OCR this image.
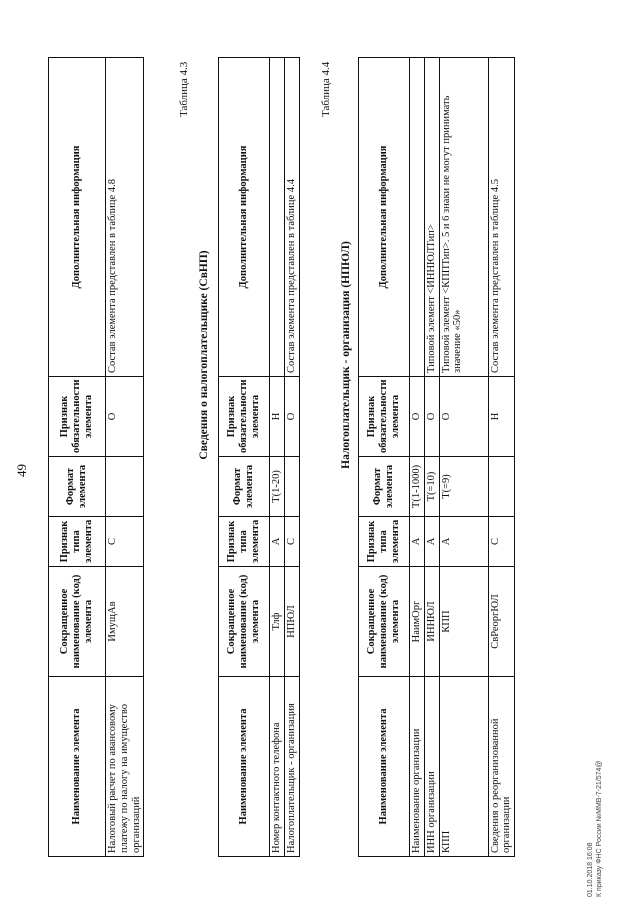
49
Наименование элемента	Сокращенное наименование (код) элемента	Признак типа элемента	Формат элемента	Признак обязательности элемента	Дополнительная информация
Налоговый расчет по авансовому платежу по налогу на имущество организаций	ИмущАв	С		О	Состав элемента представлен в таблице 4.8
Таблица 4.3
Сведения о налогоплательщике (СвНП)
Наименование элемента	Сокращенное наименование (код) элемента	Признак типа элемента	Формат элемента	Признак обязательности элемента	Дополнительная информация
Номер контактного телефона	Тлф	А	T(1-20)	Н	
Налогоплательщик - организация	НПЮЛ	С		О	Состав элемента представлен в таблице 4.4
Таблица 4.4
Налогоплательщик - организация (НПЮЛ)
Наименование элемента	Сокращенное наименование (код) элемента	Признак типа элемента	Формат элемента	Признак обязательности элемента	Дополнительная информация
Наименование организации	НаимОрг	А	T(1-1000)	О	
ИНН организации	ИННЮЛ	А	T(=10)	О	Типовой элемент <ИННЮЛТип>
КПП	КПП	А	T(=9)	О	Типовой элемент <КППТип>. 5 и 6 знаки не могут принимать значение «50»
Сведения о реорганизованной организации	СвРеоргЮЛ	С		Н	Состав элемента представлен в таблице 4.5
01.10.2018 16:08 К приказу ФНС России №ММВ-7-21/574@
